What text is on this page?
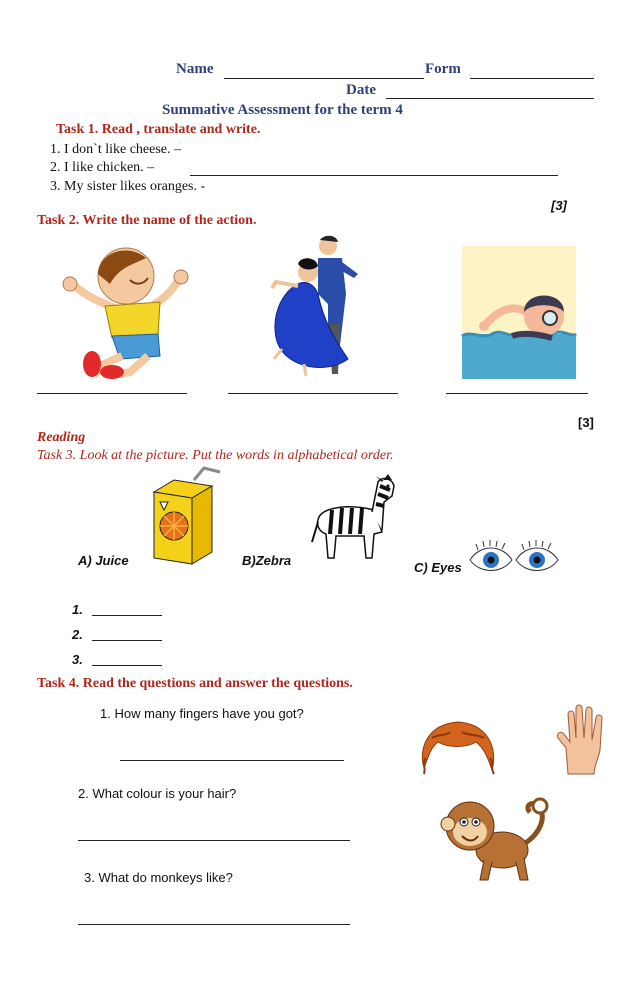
Name	Form
Date
Summative Assessment for the term 4
Task 1. Read , translate and write.
1. I don`t like cheese. –
2. I like chicken. –
3. My sister likes oranges. -
[3]
Task 2. Write the name of the action.
[3]
Reading
Task 3. Look at the picture. Put the words in alphabetical order.
A) Juice	B)Zebra	C) Eyes
1.
2.
3.
Task 4. Read the questions and answer the questions.
1. How many fingers have you got?
2. What colour is your hair?
3. What do monkeys like?
